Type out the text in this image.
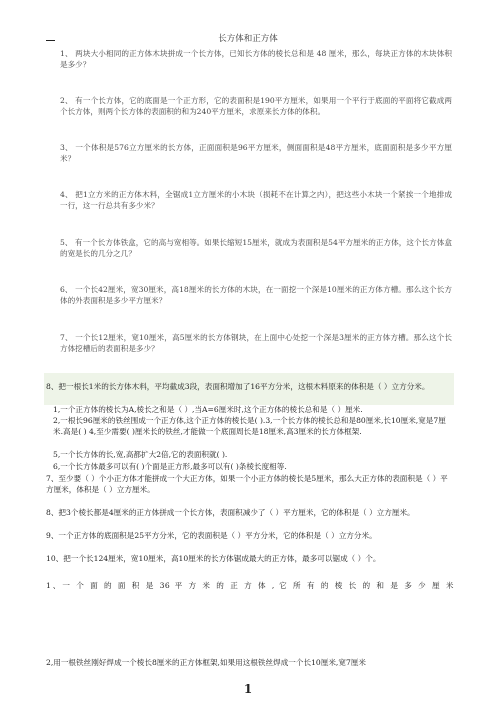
长方体和正方体
1、 两块大小相同的正方体木块拼成一个长方体，已知长方体的棱长总和是 48 厘米，那么，每块正方体的木块体积是多少？
2、 有一个长方体，它的底面是一个正方形，它的表面积是190平方厘米，如果用一个平行于底面的平面将它截成两个长方体，则两个长方体的表面积的和为240平方厘米，求原来长方体的体积。
3、 一个体积是576立方厘米的长方体，正面面积是96平方厘米，侧面面积是48平方厘米，底面面积是多少平方厘米？
4、 把1立方米的正方体木料，全锯成1立方厘米的小木块（损耗不在计算之内），把这些小木块一个紧挨一个地排成一行，这一行总共有多少米？
5、 有一个长方体铁盒，它的高与宽相等。如果长缩短15厘米，就成为表面积是54平方厘米的正方体，这个长方体盒的宽是长的几分之几？
6、 一个长42厘米，宽30厘米，高18厘米的长方体的木块，在一面挖一个深是10厘米的正方体方槽。那么这个长方体的外表面积是多少平方厘米？
7、 一个长12厘米，宽10厘米，高5厘米的长方体钢块，在上面中心处挖一个深是3厘米的正方体方槽。那么这个长方体挖槽后的表面积是多少？
8、把一根长1米的长方体木料，平均截成3段，表面积增加了16平方分米，这根木料原来的体积是（ ）立方分米。
1,一个正方体的棱长为A,棱长之和是（ ）,当A=6厘米时,这个正方体的棱长总和是（ ）厘米.
2,一根长96厘米的铁丝围成一个正方体,这个正方体的棱长是( ).3,一个长方体的棱长总和是80厘米,长10厘米,宽是7厘米.高是( ) 4,至少需要( )厘米长的铁丝,才能做一个底面周长是18厘米,高3厘米的长方体框架.
5,一个长方体的长,宽,高都扩大2倍,它的表面积就( ).
6,一个长方体最多可以有( )个面是正方形,最多可以有( )条棱长度相等.
7、至少要（ ）个小正方体才能拼成一个大正方体，如果一个小正方体的棱长是5厘米，那么大正方体的表面积是（ ）平方厘米，体积是（ ）立方厘米。
8、把3个棱长都是4厘米的正方体拼成一个长方体，表面积减少了（ ）平方厘米，它的体积是（ ）立方厘米。
9、一个正方体的底面积是25平方分米，它的表面积是（ ）平方分米，它的体积是（ ）立方分米。
10、把一个长124厘米，宽10厘米，高10厘米的长方体锯成最大的正方体，最多可以锯成（ ）个。
1、一 个 面 的 面 积 是 36 平 方 米 的 正 方 体 , 它 所 有 的 棱 长 的 和 是 多 少 厘 米
2,用一根铁丝刚好焊成一个棱长8厘米的正方体框架,如果用这根铁丝焊成一个长10厘米,宽7厘米
1
